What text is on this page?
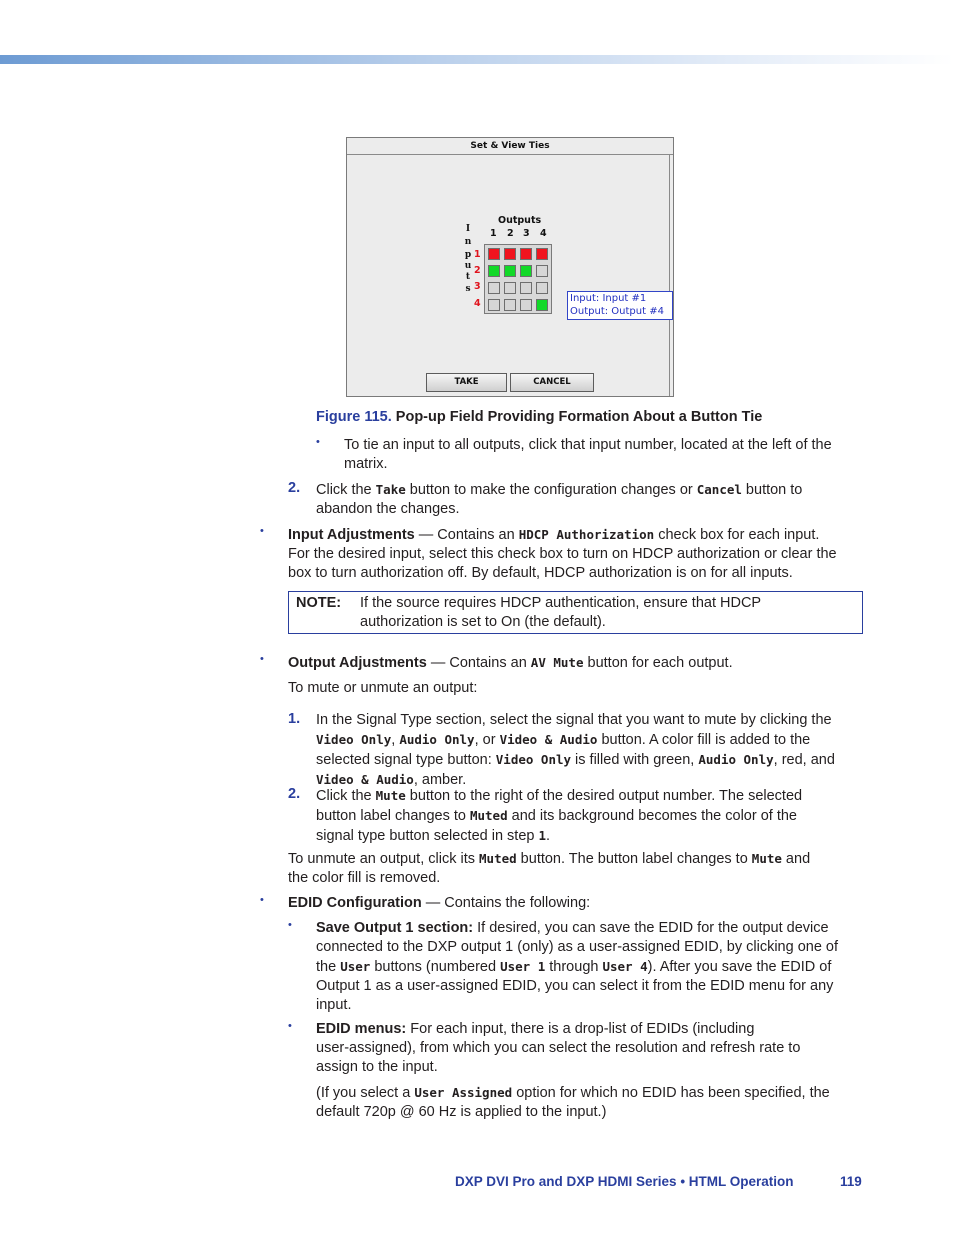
Set & View Ties
Outputs
1 2 3 4
I
n
p
u
t
s
1
2
3
4	Input: Input #1
Output: Output #4
TAKE	CANCEL
Figure 115. Pop-up Field Providing Formation About a Button Tie
• To tie an input to all outputs, click that input number, located at the left of the
matrix.
2. Click the Take button to make the configuration changes or Cancel button to
abandon the changes.
• Input Adjustments — Contains an HDCP Authorization check box for each input.
For the desired input, select this check box to turn on HDCP authorization or clear the
box to turn authorization off. By default, HDCP authorization is on for all inputs.
NOTE: If the source requires HDCP authentication, ensure that HDCP
authorization is set to On (the default).
• Output Adjustments — Contains an AV Mute button for each output.
To mute or unmute an output:
1. In the Signal Type section, select the signal that you want to mute by clicking the
Video Only, Audio Only, or Video & Audio button. A color fill is added to the
selected signal type button: Video Only is filled with green, Audio Only, red, and
Video & Audio, amber.
2. Click the Mute button to the right of the desired output number. The selected
button label changes to Muted and its background becomes the color of the
signal type button selected in step 1.
To unmute an output, click its Muted button. The button label changes to Mute and
the color fill is removed.
• EDID Configuration — Contains the following:
• Save Output 1 section: If desired, you can save the EDID for the output device
connected to the DXP output 1 (only) as a user-assigned EDID, by clicking one of
the User buttons (numbered User 1 through User 4). After you save the EDID of
Output 1 as a user-assigned EDID, you can select it from the EDID menu for any
input.
• EDID menus: For each input, there is a drop-list of EDIDs (including
user-assigned), from which you can select the resolution and refresh rate to
assign to the input.
(If you select a User Assigned option for which no EDID has been specified, the
default 720p @ 60 Hz is applied to the input.)
DXP DVI Pro and DXP HDMI Series • HTML Operation	119
